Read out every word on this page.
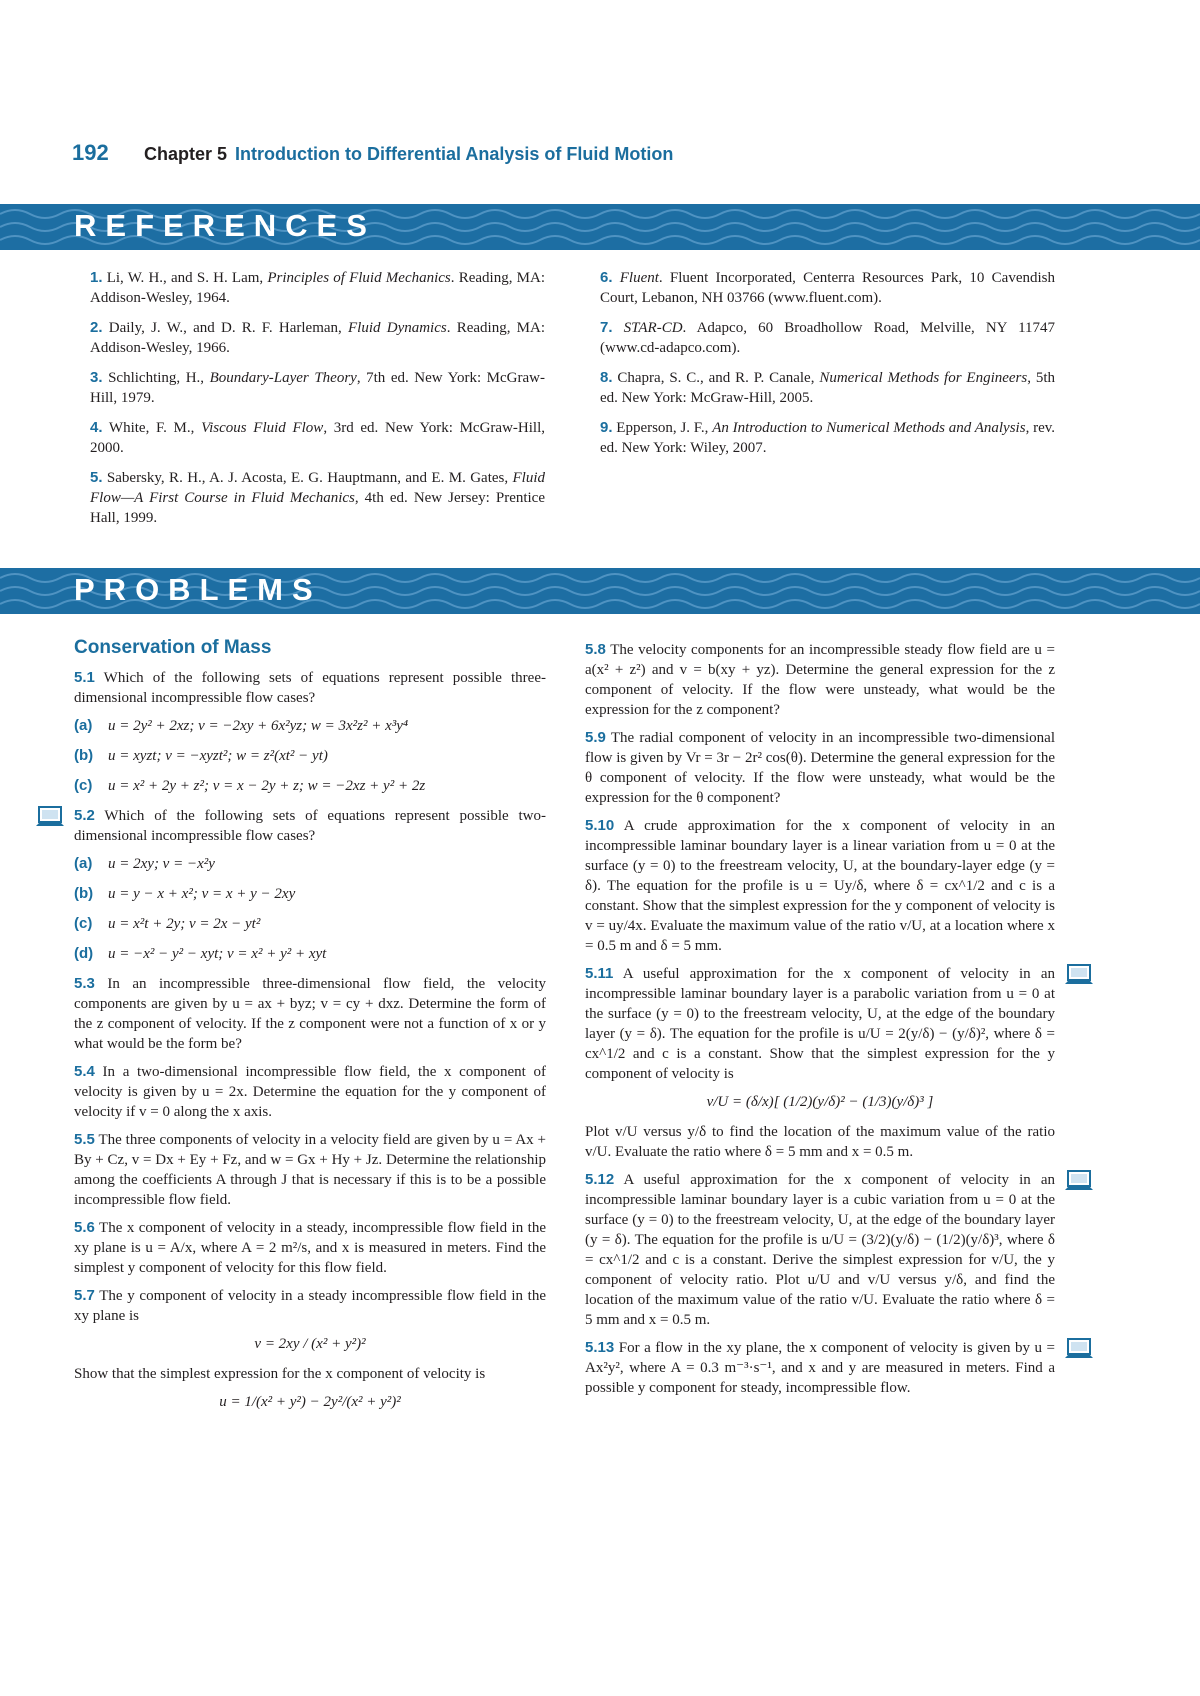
192	Chapter 5 Introduction to Differential Analysis of Fluid Motion
REFERENCES

1. Li, W. H., and S. H. Lam, Principles of Fluid Mechanics. Reading, MA: Addison-Wesley, 1964.

2. Daily, J. W., and D. R. F. Harleman, Fluid Dynamics. Reading, MA: Addison-Wesley, 1966.

3. Schlichting, H., Boundary-Layer Theory, 7th ed. New York: McGraw-Hill, 1979.

4. White, F. M., Viscous Fluid Flow, 3rd ed. New York: McGraw-Hill, 2000.

5. Sabersky, R. H., A. J. Acosta, E. G. Hauptmann, and E. M. Gates, Fluid Flow—A First Course in Fluid Mechanics, 4th ed. New Jersey: Prentice Hall, 1999.

6. Fluent. Fluent Incorporated, Centerra Resources Park, 10 Cavendish Court, Lebanon, NH 03766 (www.fluent.com).

7. STAR-CD. Adapco, 60 Broadhollow Road, Melville, NY 11747 (www.cd-adapco.com).

8. Chapra, S. C., and R. P. Canale, Numerical Methods for Engineers, 5th ed. New York: McGraw-Hill, 2005.

9. Epperson, J. F., An Introduction to Numerical Methods and Analysis, rev. ed. New York: Wiley, 2007.

PROBLEMS
Conservation of Mass
5.1 Which of the following sets of equations represent possible three-dimensional incompressible flow cases?
(a) u = 2y² + 2xz; v = −2xy + 6x²yz; w = 3x²z² + x³y⁴
(b) u = xyzt; v = −xyzt²; w = z²(xt² − yt)
(c) u = x² + 2y + z²; v = x − 2y + z; w = −2xz + y² + 2z
5.2 Which of the following sets of equations represent possible two-dimensional incompressible flow cases?
(a) u = 2xy; v = −x²y
(b) u = y − x + x²; v = x + y − 2xy
(c) u = x²t + 2y; v = 2x − yt²
(d) u = −x² − y² − xyt; v = x² + y² + xyt
5.3 In an incompressible three-dimensional flow field, the velocity components are given by u = ax + byz; v = cy + dxz. Determine the form of the z component of velocity. If the z component were not a function of x or y what would be the form be?
5.4 In a two-dimensional incompressible flow field, the x component of velocity is given by u = 2x. Determine the equation for the y component of velocity if v = 0 along the x axis.
5.5 The three components of velocity in a velocity field are given by u = Ax + By + Cz, v = Dx + Ey + Fz, and w = Gx + Hy + Jz. Determine the relationship among the coefficients A through J that is necessary if this is to be a possible incompressible flow field.
5.6 The x component of velocity in a steady, incompressible flow field in the xy plane is u = A/x, where A = 2 m²/s, and x is measured in meters. Find the simplest y component of velocity for this flow field.
5.7 The y component of velocity in a steady incompressible flow field in the xy plane is
v = 2xy / (x² + y²)²
Show that the simplest expression for the x component of velocity is
u = 1/(x² + y²) − 2y²/(x² + y²)²
5.8 The velocity components for an incompressible steady flow field are u = a(x² + z²) and v = b(xy + yz). Determine the general expression for the z component of velocity. If the flow were unsteady, what would be the expression for the z component?
5.9 The radial component of velocity in an incompressible two-dimensional flow is given by Vr = 3r − 2r² cos(θ). Determine the general expression for the θ component of velocity. If the flow were unsteady, what would be the expression for the θ component?
5.10 A crude approximation for the x component of velocity in an incompressible laminar boundary layer is a linear variation from u = 0 at the surface (y = 0) to the freestream velocity, U, at the boundary-layer edge (y = δ). The equation for the profile is u = Uy/δ, where δ = cx^1/2 and c is a constant. Show that the simplest expression for the y component of velocity is v = uy/4x. Evaluate the maximum value of the ratio v/U, at a location where x = 0.5 m and δ = 5 mm.
5.11 A useful approximation for the x component of velocity in an incompressible laminar boundary layer is a parabolic variation from u = 0 at the surface (y = 0) to the freestream velocity, U, at the edge of the boundary layer (y = δ). The equation for the profile is u/U = 2(y/δ) − (y/δ)², where δ = cx^1/2 and c is a constant. Show that the simplest expression for the y component of velocity is
v/U = (δ/x)[ (1/2)(y/δ)² − (1/3)(y/δ)³ ]
Plot v/U versus y/δ to find the location of the maximum value of the ratio v/U. Evaluate the ratio where δ = 5 mm and x = 0.5 m.
5.12 A useful approximation for the x component of velocity in an incompressible laminar boundary layer is a cubic variation from u = 0 at the surface (y = 0) to the freestream velocity, U, at the edge of the boundary layer (y = δ). The equation for the profile is u/U = (3/2)(y/δ) − (1/2)(y/δ)³, where δ = cx^1/2 and c is a constant. Derive the simplest expression for v/U, the y component of velocity ratio. Plot u/U and v/U versus y/δ, and find the location of the maximum value of the ratio v/U. Evaluate the ratio where δ = 5 mm and x = 0.5 m.
5.13 For a flow in the xy plane, the x component of velocity is given by u = Ax²y², where A = 0.3 m⁻³·s⁻¹, and x and y are measured in meters. Find a possible y component for steady, incompressible flow.
